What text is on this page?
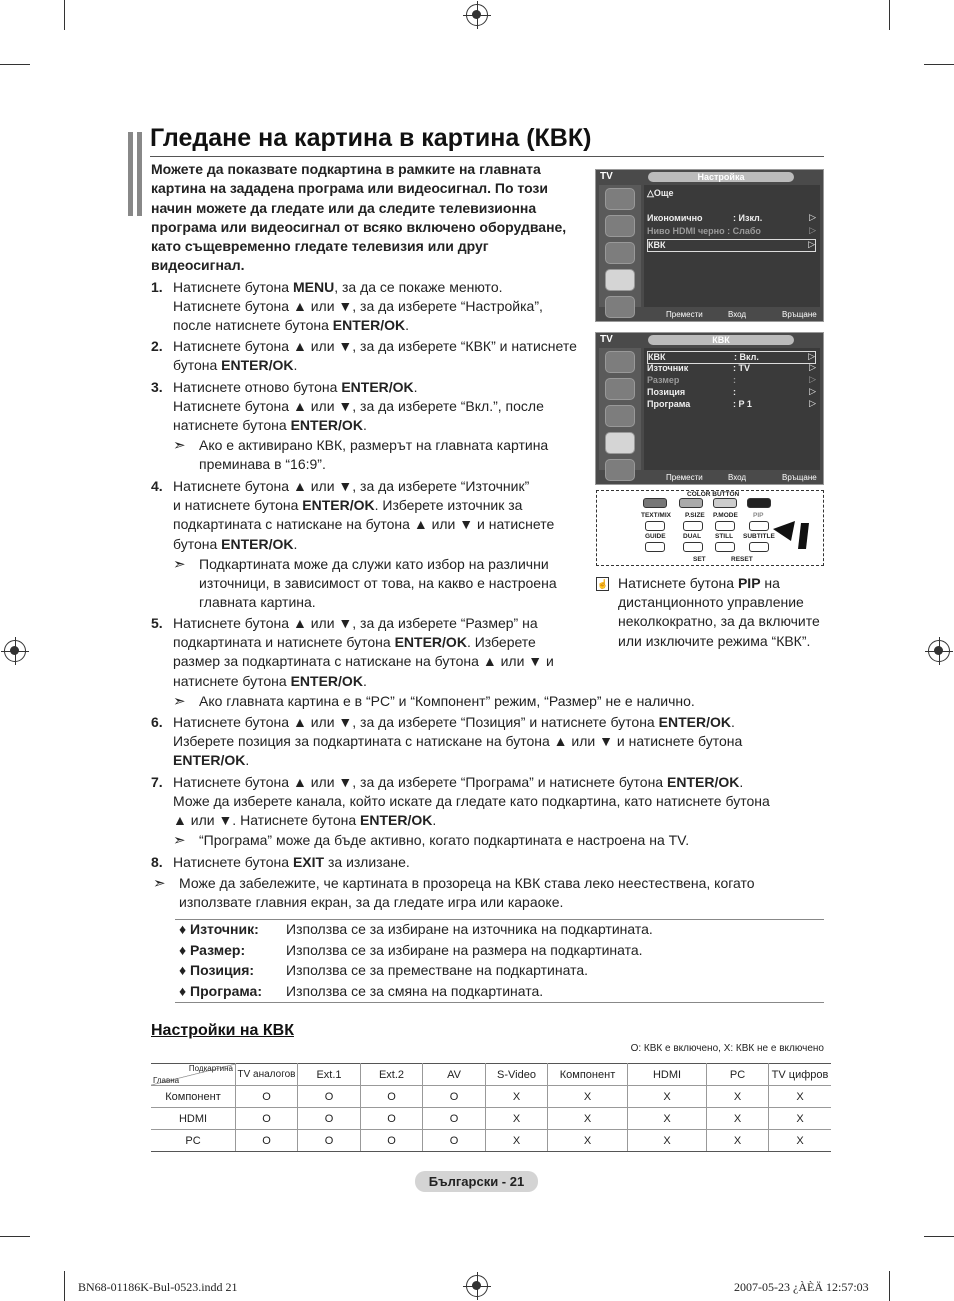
Гледане на картина в картина (КВК)
Можете да показвате подкартина в рамките на главната картина на зададена програма или видеосигнал. По този начин можете да гледате или да следите телевизионна програма или видеосигнал от всяко включено оборудване, като същевременно гледате телевизия или друг видеосигнал.
1. Натиснете бутона MENU, за да се покаже менюто.
Натиснете бутона ▲ или ▼, за да изберете “Настройка”,
после натиснете бутона ENTER/OK.
2. Натиснете бутона ▲ или ▼, за да изберете “КВК” и натиснете
бутона ENTER/OK.
3. Натиснете отново бутона ENTER/OK.
Натиснете бутона ▲ или ▼, за да изберете “Вкл.”, после
натиснете бутона ENTER/OK.
➣ Ако е активирано КВК, размерът на главната картина
преминава в “16:9”.
4. Натиснете бутона ▲ или ▼, за да изберете “Източник”
и натиснете бутона ENTER/OK. Изберете източник за
подкартината с натискане на бутона ▲ или ▼ и натиснете
бутона ENTER/OK.
➣ Подкартината може да служи като избор на различни
източници, в зависимост от това, на какво е настроена
главната картина.
5. Натиснете бутона ▲ или ▼, за да изберете “Размер” на
подкартината и натиснете бутона ENTER/OK. Изберете
размер за подкартината с натискане на бутона ▲ или ▼ и
натиснете бутона ENTER/OK.
➣ Ако главната картина е в “PC” и “Компонент” режим, “Размер” не е налично.
6. Натиснете бутона ▲ или ▼, за да изберете “Позиция” и натиснете бутона ENTER/OK.
Изберете позиция за подкартината с натискане на бутона ▲ или ▼ и натиснете бутона
ENTER/OK.
7. Натиснете бутона ▲ или ▼, за да изберете “Програма” и натиснете бутона ENTER/OK.
Може да изберете канала, който искате да гледате като подкартина, като натиснете бутона
▲ или ▼. Натиснете бутона ENTER/OK.
➣ “Програма” може да бъде активно, когато подкартината е настроена на TV.
8. Натиснете бутона EXIT за излизане.
➣ Може да забележите, че картината в прозореца на КВК става леко неестествена, когато
използвате главния екран, за да гледате игра или караоке.
TV	Настройка
△Още
Икономично	: Изкл.	▷
Ниво HDMI черно : Слабо	▷
КВК	▷
Премести	Вход	Връщане
TV	КВК
КВК	: Вкл.	▷
Източник	: TV	▷
Размер	:	▷
Позиция	:	▷
Програма	: P 1	▷
Премести	Вход	Връщане
COLOR BUTTON
TEXT/MIX P.SIZE P.MODE PIP
GUIDE	DUAL STILL SUBTITLE
SET	RESET
☝ Натиснете бутона PIP на
дистанционното управление
неколкократно, за да включите
или изключите режима “КВК”.
♦ Източник: Използва се за избиране на източника на подкартината.
♦ Размер:	Използва се за избиране на размера на подкартината.
♦ Позиция: Използва се за преместване на подкартината.
♦ Програма: Използва се за смяна на подкартината.
Настройки на КВК
O: КВК е включено, X: КВК не е включено
Подкартина
Главна	TV аналогов	Ext.1	Ext.2	AV	S-Video	Компонент	HDMI	PC	TV цифров
Компонент	O	O	O	O	X	X	X	X	X
HDMI	O	O	O	O	X	X	X	X	X
PC	O	O	O	O	X	X	X	X	X
Български - 21
BN68-01186K-Bul-0523.indd 21	2007-05-23 ¿ÀÈÄ 12:57:03
